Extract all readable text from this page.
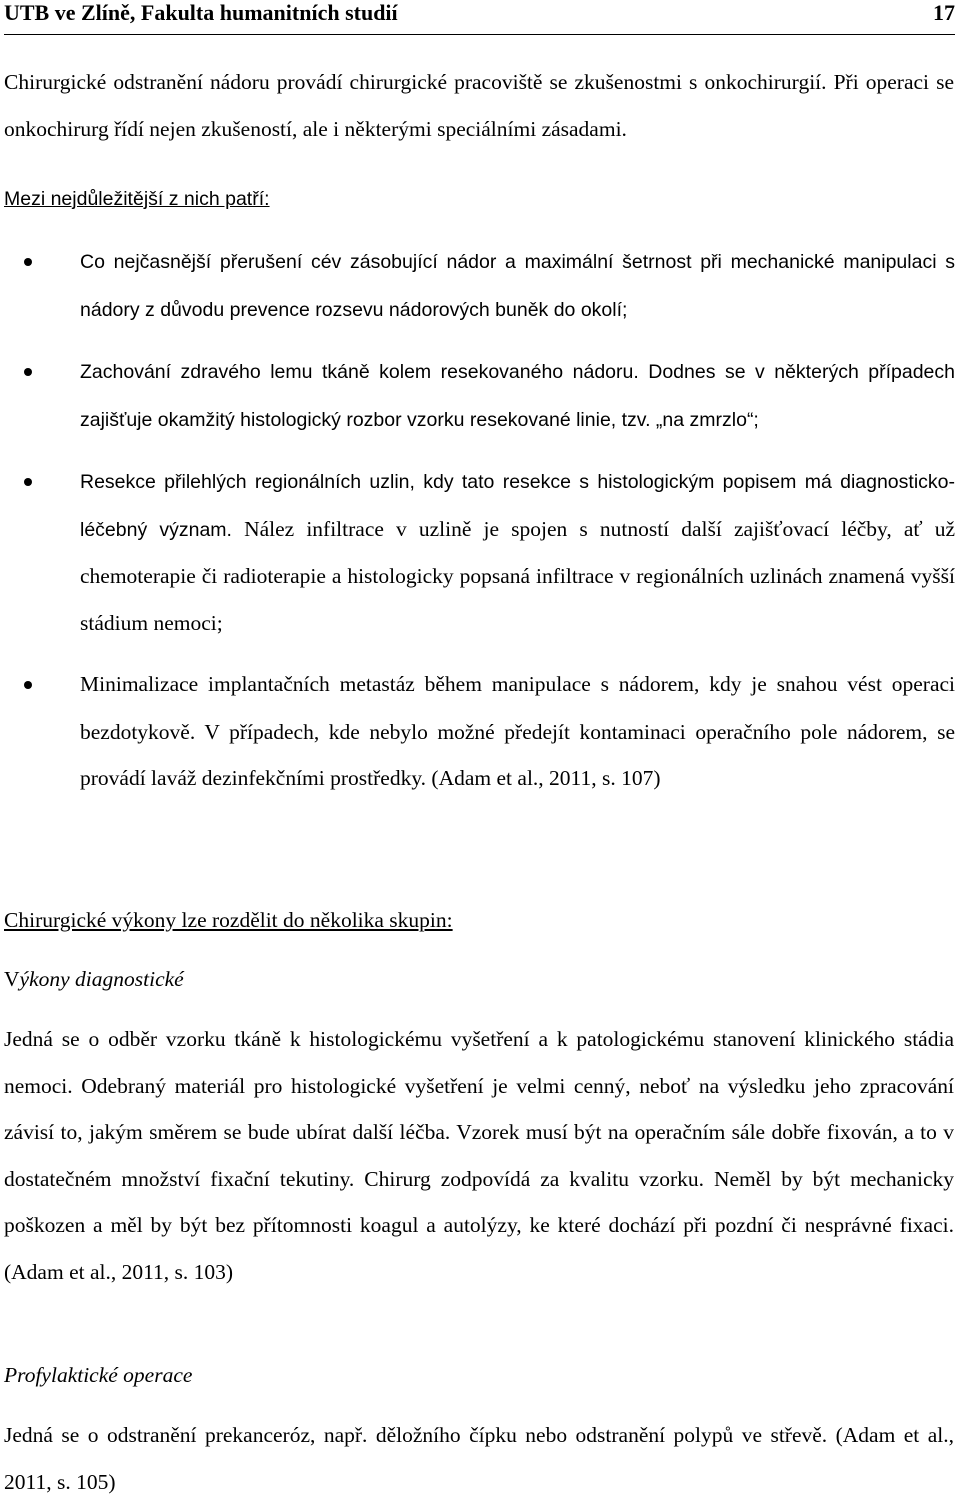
UTB ve Zlíně, Fakulta humanitních studií	17

Chirurgické odstranění nádoru provádí chirurgické pracoviště se zkušenostmi s onkochirurgií. Při operaci se onkochirurg řídí nejen zkušeností, ale i některými speciálními zásadami.

Mezi nejdůležitější z nich patří:

Co nejčasnější přerušení cév zásobující nádor a maximální šetrnost při mechanické manipulaci s nádory z důvodu prevence rozsevu nádorových buněk do okolí;
Zachování zdravého lemu tkáně kolem resekovaného nádoru. Dodnes se v některých případech zajišťuje okamžitý histologický rozbor vzorku resekované linie, tzv. „na zmrzlo“;
Resekce přilehlých regionálních uzlin, kdy tato resekce s histologickým popisem má diagnosticko-léčebný význam. Nález infiltrace v uzlině je spojen s nutností další zajišťovací léčby, ať už chemoterapie či radioterapie a histologicky popsaná infiltrace v regionálních uzlinách znamená vyšší stádium nemoci;
Minimalizace implantačních metastáz během manipulace s nádorem, kdy je snahou vést operaci bezdotykově. V případech, kde nebylo možné předejít kontaminaci operačního pole nádorem, se provádí laváž dezinfekčními prostředky. (Adam et al., 2011, s. 107)

Chirurgické výkony lze rozdělit do několika skupin:

Výkony diagnostické

Jedná se o odběr vzorku tkáně k histologickému vyšetření a k patologickému stanovení klinického stádia nemoci. Odebraný materiál pro histologické vyšetření je velmi cenný, neboť na výsledku jeho zpracování závisí to, jakým směrem se bude ubírat další léčba. Vzorek musí být na operačním sále dobře fixován, a to v dostatečném množství fixační tekutiny. Chirurg zodpovídá za kvalitu vzorku. Neměl by být mechanicky poškozen a měl by být bez přítomnosti koagul a autolýzy, ke které dochází při pozdní či nesprávné fixaci. (Adam et al., 2011, s. 103)

Profylaktické operace

Jedná se o odstranění prekanceróz, např. děložního čípku nebo odstranění polypů ve střevě. (Adam et al., 2011, s. 105)
